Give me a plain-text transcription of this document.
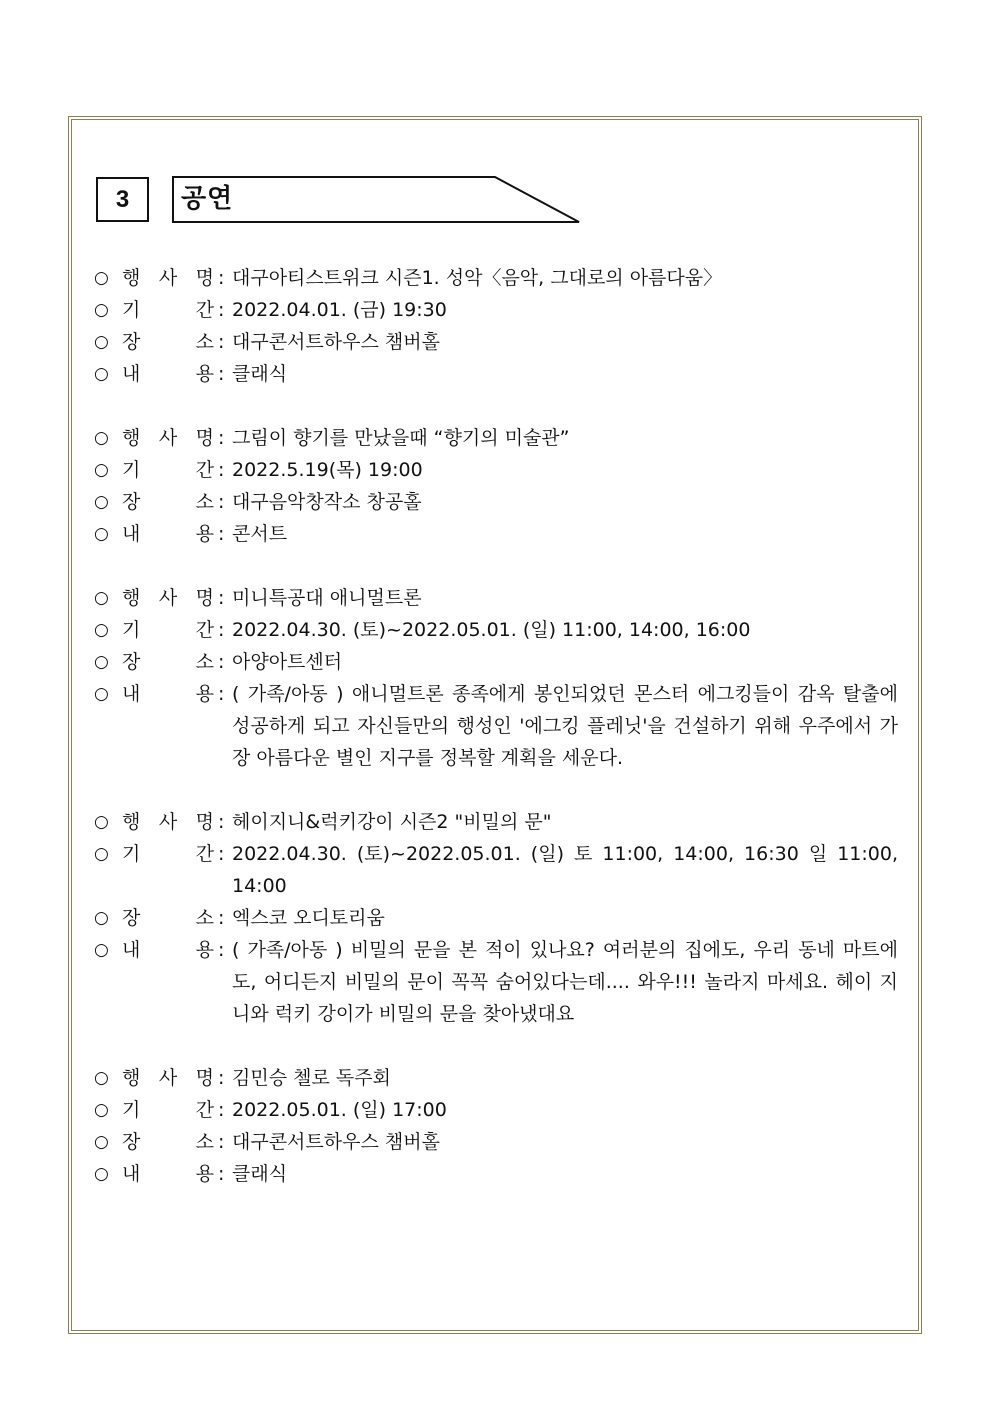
3 공연
○ 행 사 명 : 대구아티스트위크 시즌1. 성악〈음악, 그대로의 아름다움〉
○ 기	간 : 2022.04.01. (금) 19:30
○ 장	소 : 대구콘서트하우스 챔버홀
○ 내	용 : 클래식
○ 행 사 명 : 그림이 향기를 만났을때 “향기의 미술관”
○ 기	간 : 2022.5.19(목) 19:00
○ 장	소 : 대구음악창작소 창공홀
○ 내	용 : 콘서트
○ 행 사 명 : 미니특공대 애니멀트론
○ 기	간 : 2022.04.30. (토)~2022.05.01. (일) 11:00, 14:00, 16:00
○ 장	소 : 아양아트센터
○ 내	용 : ( 가족/아동 ) 애니멀트론 종족에게 봉인되었던 몬스터 에그킹들이 감옥 탈출에 성공하게 되고 자신들만의 행성인 '에그킹 플레닛'을 건설하기 위해 우주에서 가장 아름다운 별인 지구를 정복할 계획을 세운다.
○ 행 사 명 : 헤이지니&럭키강이 시즌2 "비밀의 문"
○ 기	간 : 2022.04.30. (토)~2022.05.01. (일) 토 11:00, 14:00, 16:30 일 11:00, 14:00
○ 장	소 : 엑스코 오디토리움
○ 내	용 : ( 가족/아동 ) 비밀의 문을 본 적이 있나요? 여러분의 집에도, 우리 동네 마트에도, 어디든지 비밀의 문이 꼭꼭 숨어있다는데.... 와우!!! 놀라지 마세요. 헤이 지니와 럭키 강이가 비밀의 문을 찾아냈대요
○ 행 사 명 : 김민승 첼로 독주회
○ 기	간 : 2022.05.01. (일) 17:00
○ 장	소 : 대구콘서트하우스 챔버홀
○ 내	용 : 클래식
